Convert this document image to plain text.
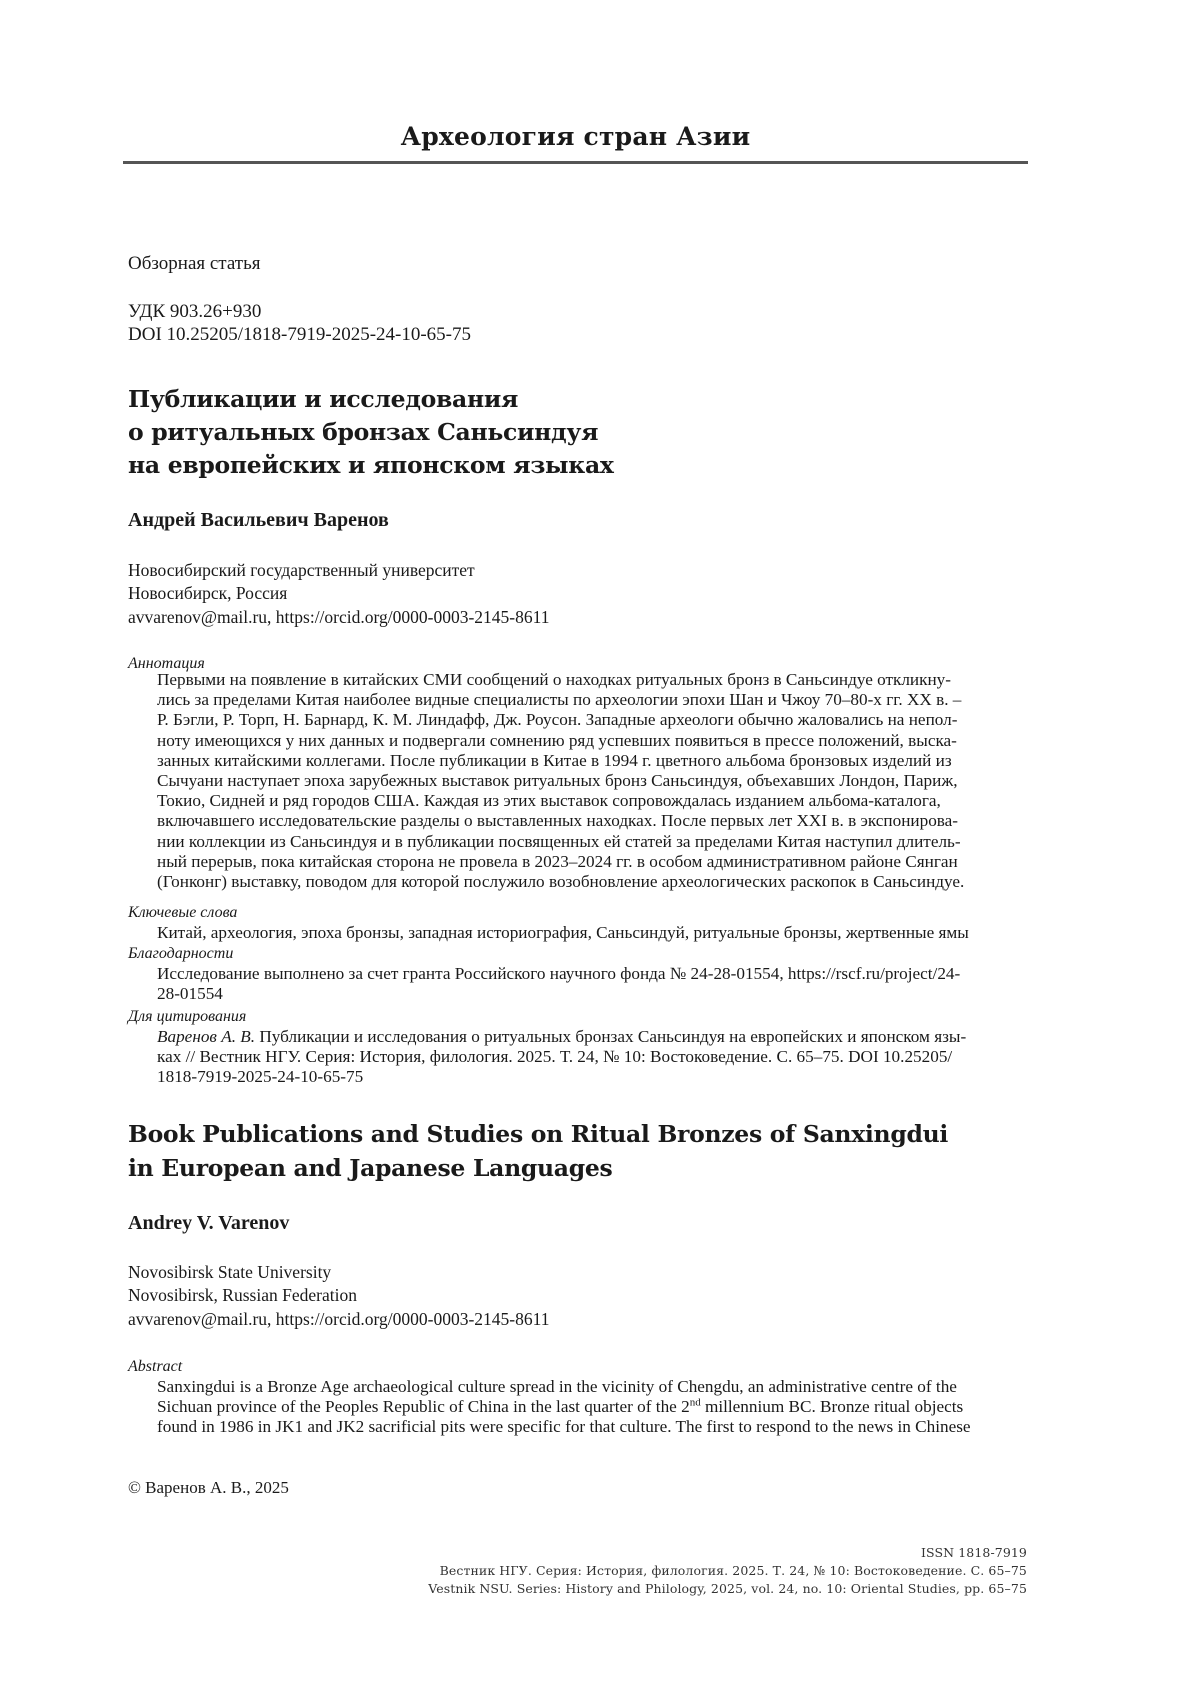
Археология стран Азии
Обзорная статья
УДК 903.26+930
DOI 10.25205/1818-7919-2025-24-10-65-75
Публикации и исследования
о ритуальных бронзах Саньсиндуя
на европейских и японском языках
Андрей Васильевич Варенов
Новосибирский государственный университет
Новосибирск, Россия
avvarenov@mail.ru, https://orcid.org/0000-0003-2145-8611
Аннотация
Первыми на появление в китайских СМИ сообщений о находках ритуальных бронз в Саньсиндуе откликну-
лись за пределами Китая наиболее видные специалисты по археологии эпохи Шан и Чжоу 70–80-х гг. XX в. –
Р. Бэгли, Р. Торп, Н. Барнард, К. М. Линдафф, Дж. Роусон. Западные археологи обычно жаловались на непол-
ноту имеющихся у них данных и подвергали сомнению ряд успевших появиться в прессе положений, выска-
занных китайскими коллегами. После публикации в Китае в 1994 г. цветного альбома бронзовых изделий из
Сычуани наступает эпоха зарубежных выставок ритуальных бронз Саньсиндуя, объехавших Лондон, Париж,
Токио, Сидней и ряд городов США. Каждая из этих выставок сопровождалась изданием альбома-каталога,
включавшего исследовательские разделы о выставленных находках. После первых лет XXI в. в экспонирова-
нии коллекции из Саньсиндуя и в публикации посвященных ей статей за пределами Китая наступил длитель-
ный перерыв, пока китайская сторона не провела в 2023–2024 гг. в особом административном районе Сянган
(Гонконг) выставку, поводом для которой послужило возобновление археологических раскопок в Саньсиндуе.
Ключевые слова
Китай, археология, эпоха бронзы, западная историография, Саньсиндуй, ритуальные бронзы, жертвенные ямы
Благодарности
Исследование выполнено за счет гранта Российского научного фонда № 24-28-01554, https://rscf.ru/project/24-
28-01554
Для цитирования
Варенов А. В. Публикации и исследования о ритуальных бронзах Саньсиндуя на европейских и японском язы-
ках // Вестник НГУ. Серия: История, филология. 2025. Т. 24, № 10: Востоковедение. С. 65–75. DOI 10.25205/
1818-7919-2025-24-10-65-75
Book Publications and Studies on Ritual Bronzes of Sanxingdui
in European and Japanese Languages
Andrey V. Varenov
Novosibirsk State University
Novosibirsk, Russian Federation
avvarenov@mail.ru, https://orcid.org/0000-0003-2145-8611
Abstract
Sanxingdui is a Bronze Age archaeological culture spread in the vicinity of Chengdu, an administrative centre of the
Sichuan province of the Peoples Republic of China in the last quarter of the 2nd millennium BC. Bronze ritual objects
found in 1986 in JK1 and JK2 sacrificial pits were specific for that culture. The first to respond to the news in Chinese
© Варенов А. В., 2025
ISSN 1818-7919
Вестник НГУ. Серия: История, филология. 2025. Т. 24, № 10: Востоковедение. С. 65–75
Vestnik NSU. Series: History and Philology, 2025, vol. 24, no. 10: Oriental Studies, pp. 65–75
